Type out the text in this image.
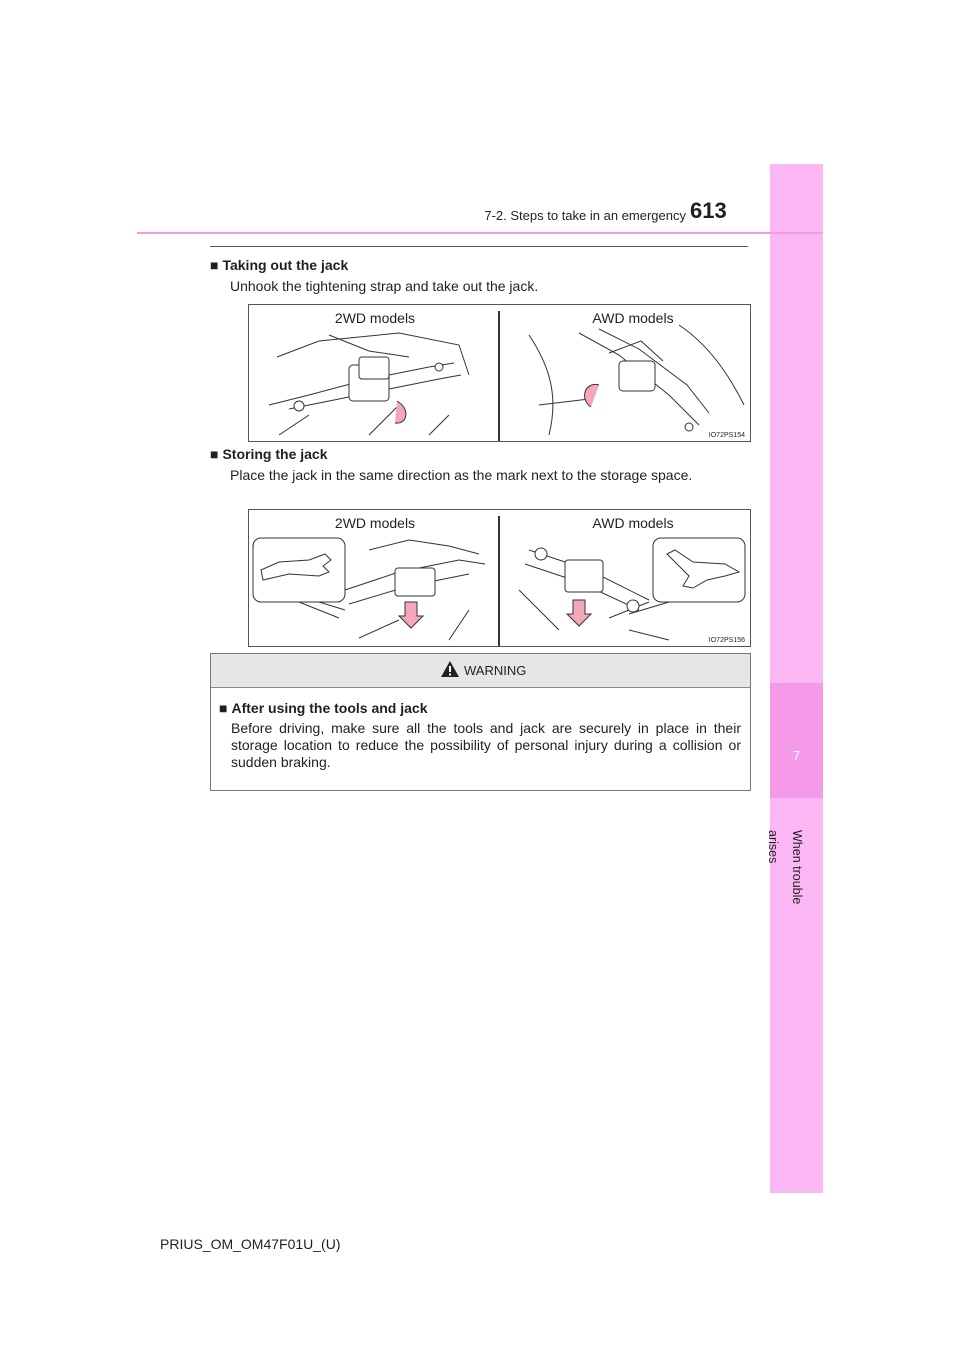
7
When trouble arises
7-2. Steps to take in an emergency 613
■ Taking out the jack
Unhook the tightening strap and take out the jack.
2WD models	AWD models
IO72PS154
■ Storing the jack
Place the jack in the same direction as the mark next to the storage space.
2WD models	AWD models
IO72PS156
WARNING
■ After using the tools and jack
Before driving, make sure all the tools and jack are securely in place in their storage location to reduce the possibility of personal injury during a collision or sudden braking.
PRIUS_OM_OM47F01U_(U)
